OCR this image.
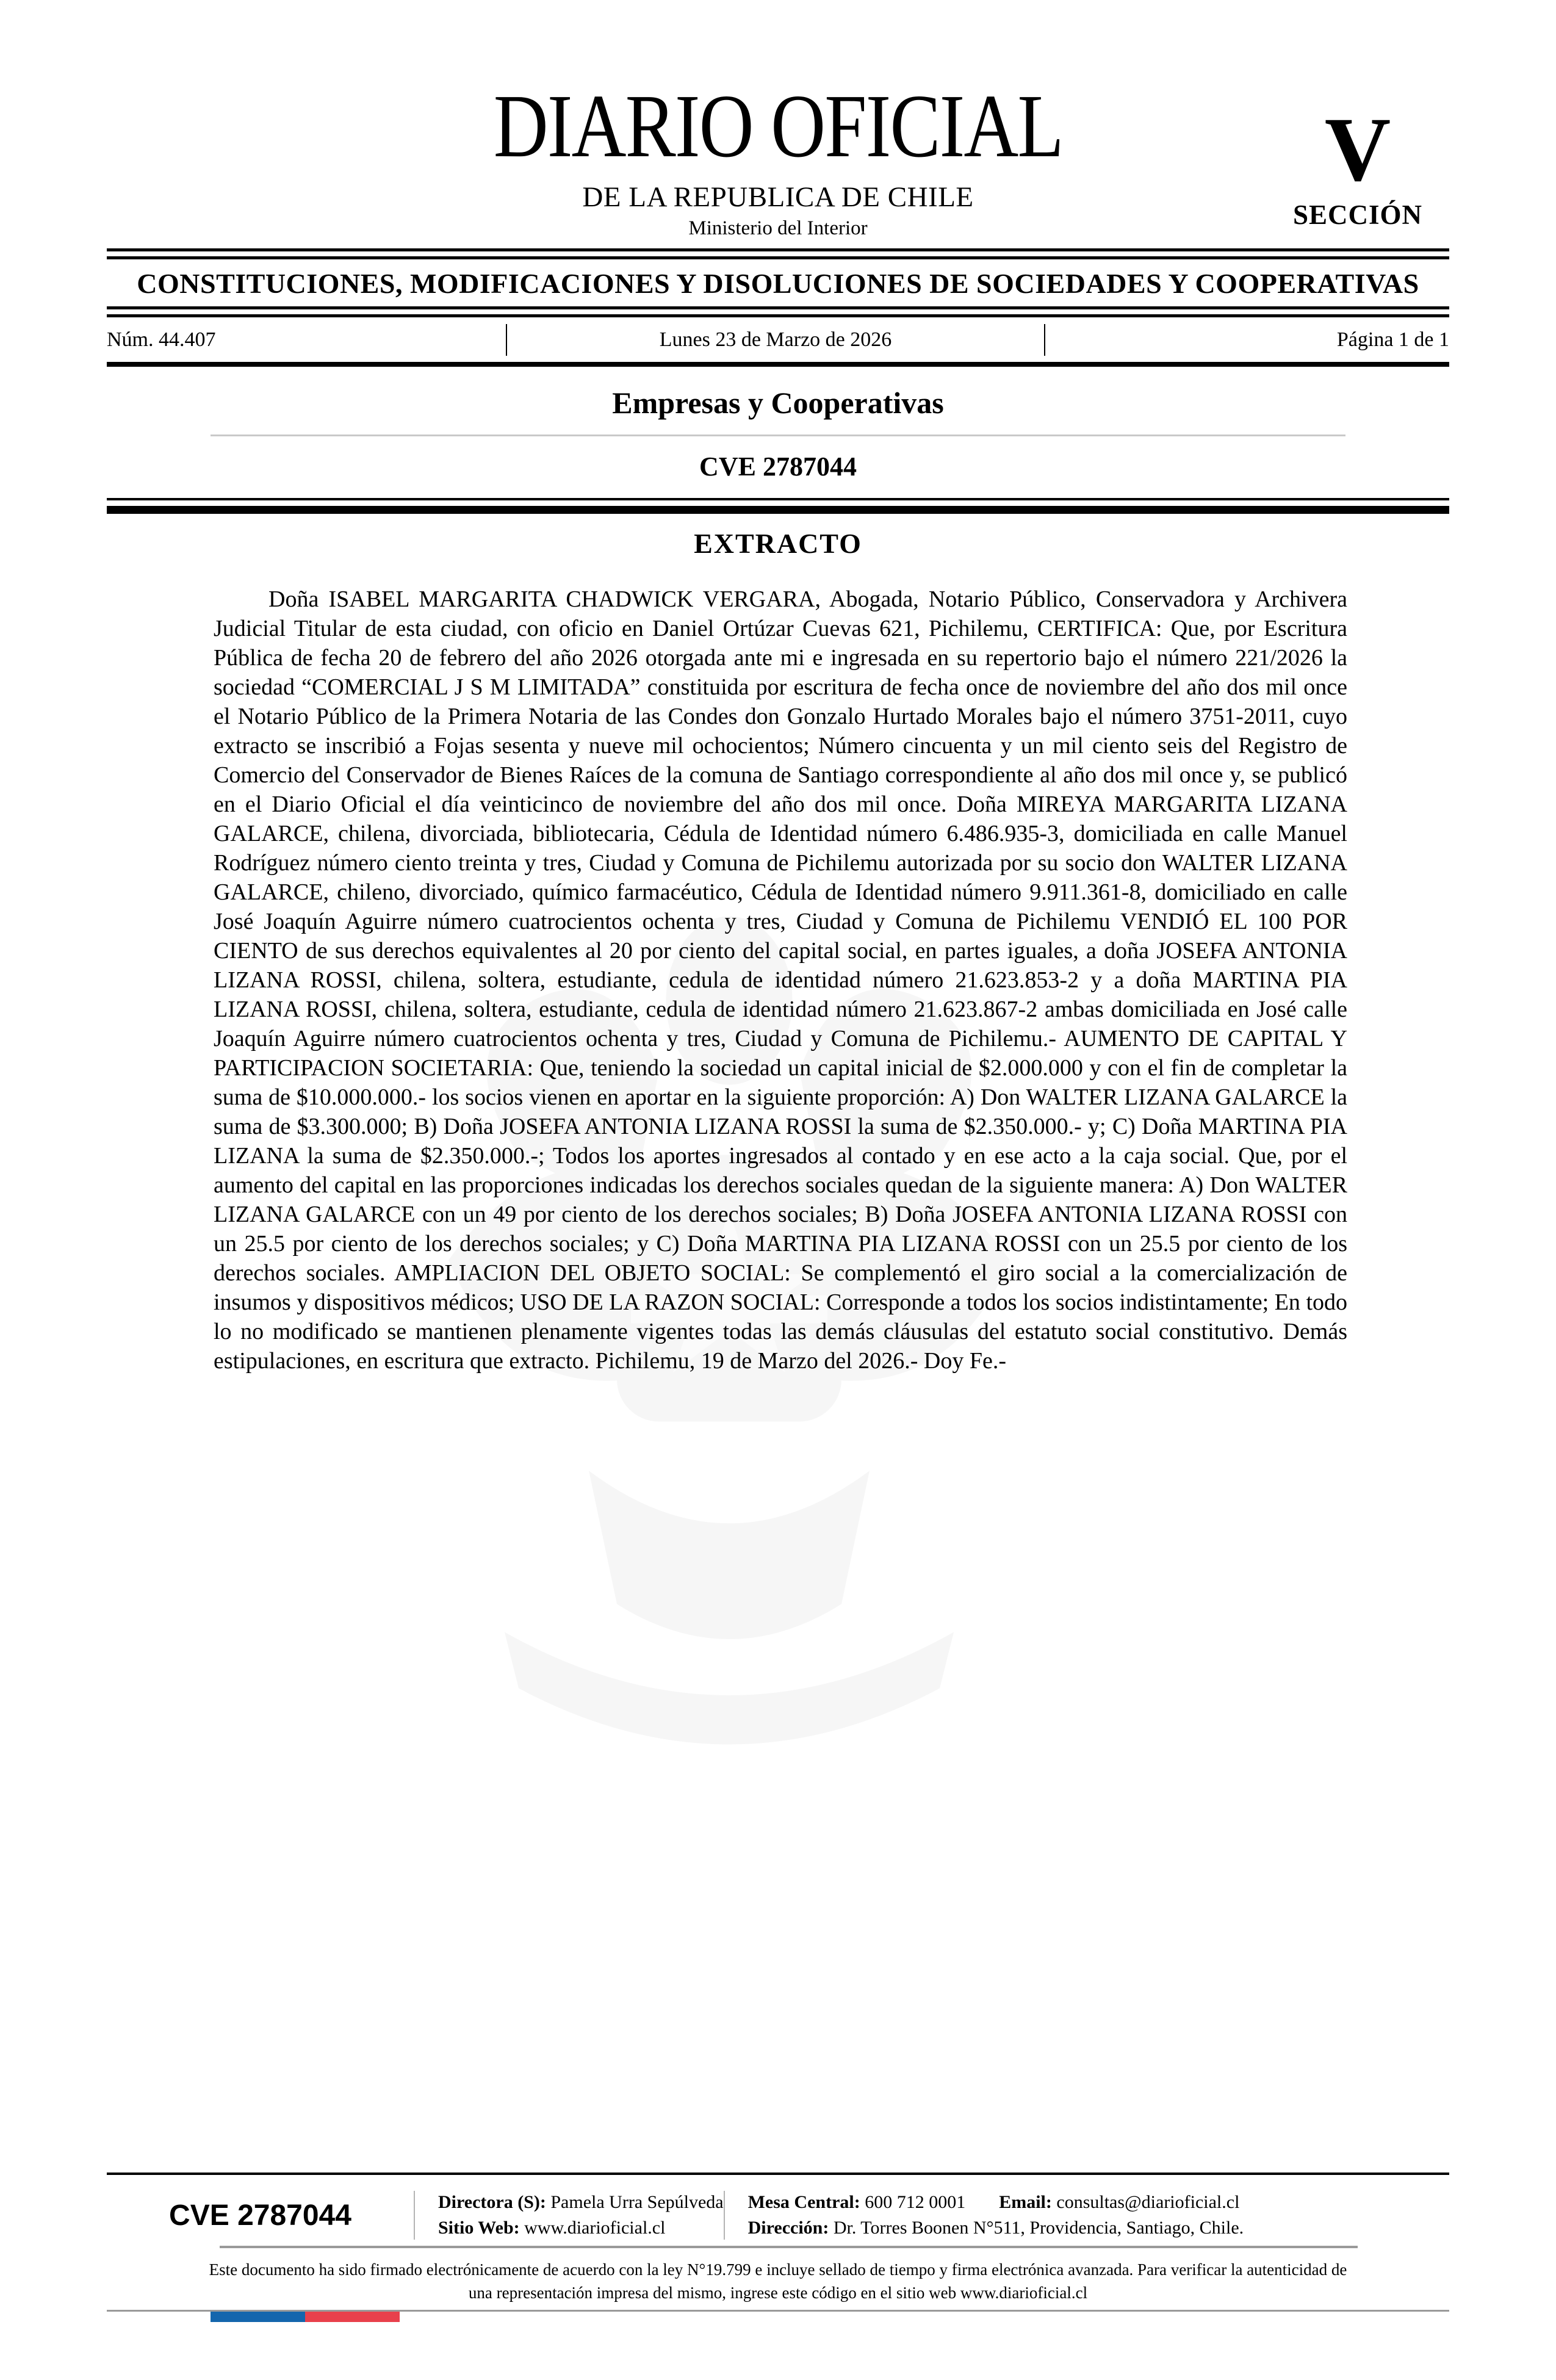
DIARIO OFICIAL
DE LA REPUBLICA DE CHILE
Ministerio del Interior
V
SECCIÓN
CONSTITUCIONES, MODIFICACIONES Y DISOLUCIONES DE SOCIEDADES Y COOPERATIVAS
Núm. 44.407	Lunes 23 de Marzo de 2026	Página 1 de 1
Empresas y Cooperativas
CVE 2787044
EXTRACTO

Doña ISABEL MARGARITA CHADWICK VERGARA, Abogada, Notario Público, Conservadora y Archivera Judicial Titular de esta ciudad, con oficio en Daniel Ortúzar Cuevas 621, Pichilemu, CERTIFICA: Que, por Escritura Pública de fecha 20 de febrero del año 2026 otorgada ante mi e ingresada en su repertorio bajo el número 221/2026 la sociedad “COMERCIAL J S M LIMITADA” constituida por escritura de fecha once de noviembre del año dos mil once el Notario Público de la Primera Notaria de las Condes don Gonzalo Hurtado Morales bajo el número 3751-2011, cuyo extracto se inscribió a Fojas sesenta y nueve mil ochocientos; Número cincuenta y un mil ciento seis del Registro de Comercio del Conservador de Bienes Raíces de la comuna de Santiago correspondiente al año dos mil once y, se publicó en el Diario Oficial el día veinticinco de noviembre del año dos mil once. Doña MIREYA MARGARITA LIZANA GALARCE, chilena, divorciada, bibliotecaria, Cédula de Identidad número 6.486.935-3, domiciliada en calle Manuel Rodríguez número ciento treinta y tres, Ciudad y Comuna de Pichilemu autorizada por su socio don WALTER LIZANA GALARCE, chileno, divorciado, químico farmacéutico, Cédula de Identidad número 9.911.361-8, domiciliado en calle José Joaquín Aguirre número cuatrocientos ochenta y tres, Ciudad y Comuna de Pichilemu VENDIÓ EL 100 POR CIENTO de sus derechos equivalentes al 20 por ciento del capital social, en partes iguales, a doña JOSEFA ANTONIA LIZANA ROSSI, chilena, soltera, estudiante, cedula de identidad número 21.623.853-2 y a doña MARTINA PIA LIZANA ROSSI, chilena, soltera, estudiante, cedula de identidad número 21.623.867-2 ambas domiciliada en José calle Joaquín Aguirre número cuatrocientos ochenta y tres, Ciudad y Comuna de Pichilemu.- AUMENTO DE CAPITAL Y PARTICIPACION SOCIETARIA: Que, teniendo la sociedad un capital inicial de $2.000.000 y con el fin de completar la suma de $10.000.000.- los socios vienen en aportar en la siguiente proporción: A) Don WALTER LIZANA GALARCE la suma de $3.300.000; B) Doña JOSEFA ANTONIA LIZANA ROSSI la suma de $2.350.000.- y; C) Doña MARTINA PIA LIZANA la suma de $2.350.000.-; Todos los aportes ingresados al contado y en ese acto a la caja social. Que, por el aumento del capital en las proporciones indicadas los derechos sociales quedan de la siguiente manera: A) Don WALTER LIZANA GALARCE con un 49 por ciento de los derechos sociales; B) Doña JOSEFA ANTONIA LIZANA ROSSI con un 25.5 por ciento de los derechos sociales; y C) Doña MARTINA PIA LIZANA ROSSI con un 25.5 por ciento de los derechos sociales. AMPLIACION DEL OBJETO SOCIAL: Se complementó el giro social a la comercialización de insumos y dispositivos médicos; USO DE LA RAZON SOCIAL: Corresponde a todos los socios indistintamente; En todo lo no modificado se mantienen plenamente vigentes todas las demás cláusulas del estatuto social constitutivo. Demás estipulaciones, en escritura que extracto. Pichilemu, 19 de Marzo del 2026.- Doy Fe.-

CVE 2787044	Directora (S): Pamela Urra Sepúlveda
Sitio Web: www.diarioficial.cl
Mesa Central: 600 712 0001 Email: consultas@diarioficial.cl
Dirección: Dr. Torres Boonen N°511, Providencia, Santiago, Chile.
Este documento ha sido firmado electrónicamente de acuerdo con la ley N°19.799 e incluye sellado de tiempo y firma electrónica avanzada. Para verificar la autenticidad de una representación impresa del mismo, ingrese este código en el sitio web www.diarioficial.cl
